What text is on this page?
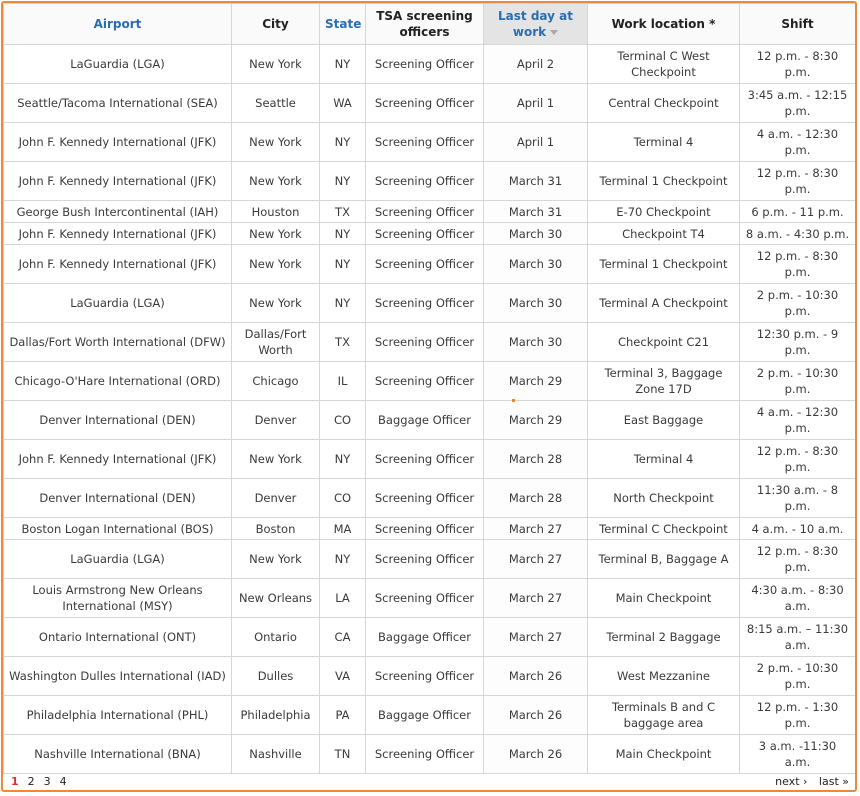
Airport	City	State	TSA screening officers	Last day at work	Work location *	Shift
LaGuardia (LGA)	New York	NY	Screening Officer	April 2	Terminal C West Checkpoint	12 p.m. - 8:30 p.m.
Seattle/Tacoma International (SEA)	Seattle	WA	Screening Officer	April 1	Central Checkpoint	3:45 a.m. - 12:15 p.m.
John F. Kennedy International (JFK)	New York	NY	Screening Officer	April 1	Terminal 4	4 a.m. - 12:30 p.m.
John F. Kennedy International (JFK)	New York	NY	Screening Officer	March 31	Terminal 1 Checkpoint	12 p.m. - 8:30 p.m.
George Bush Intercontinental (IAH)	Houston	TX	Screening Officer	March 31	E-70 Checkpoint	6 p.m. - 11 p.m.
John F. Kennedy International (JFK)	New York	NY	Screening Officer	March 30	Checkpoint T4	8 a.m. - 4:30 p.m.
John F. Kennedy International (JFK)	New York	NY	Screening Officer	March 30	Terminal 1 Checkpoint	12 p.m. - 8:30 p.m.
LaGuardia (LGA)	New York	NY	Screening Officer	March 30	Terminal A Checkpoint	2 p.m. - 10:30 p.m.
Dallas/Fort Worth International (DFW)	Dallas/Fort Worth	TX	Screening Officer	March 30	Checkpoint C21	12:30 p.m. - 9 p.m.
Chicago-O'Hare International (ORD)	Chicago	IL	Screening Officer	March 29	Terminal 3, Baggage Zone 17D	2 p.m. - 10:30 p.m.
Denver International (DEN)	Denver	CO	Baggage Officer	March 29	East Baggage	4 a.m. - 12:30 p.m.
John F. Kennedy International (JFK)	New York	NY	Screening Officer	March 28	Terminal 4	12 p.m. - 8:30 p.m.
Denver International (DEN)	Denver	CO	Screening Officer	March 28	North Checkpoint	11:30 a.m. - 8 p.m.
Boston Logan International (BOS)	Boston	MA	Screening Officer	March 27	Terminal C Checkpoint	4 a.m. - 10 a.m.
LaGuardia (LGA)	New York	NY	Screening Officer	March 27	Terminal B, Baggage A	12 p.m. - 8:30 p.m.
Louis Armstrong New Orleans International (MSY)	New Orleans	LA	Screening Officer	March 27	Main Checkpoint	4:30 a.m. - 8:30 a.m.
Ontario International (ONT)	Ontario	CA	Baggage Officer	March 27	Terminal 2 Baggage	8:15 a.m. – 11:30 a.m.
Washington Dulles International (IAD)	Dulles	VA	Screening Officer	March 26	West Mezzanine	2 p.m. - 10:30 p.m.
Philadelphia International (PHL)	Philadelphia	PA	Baggage Officer	March 26	Terminals B and C baggage area	12 p.m. - 1:30 p.m.
Nashville International (BNA)	Nashville	TN	Screening Officer	March 26	Main Checkpoint	3 a.m. -11:30 a.m.
1 2 3 4	next › last »
